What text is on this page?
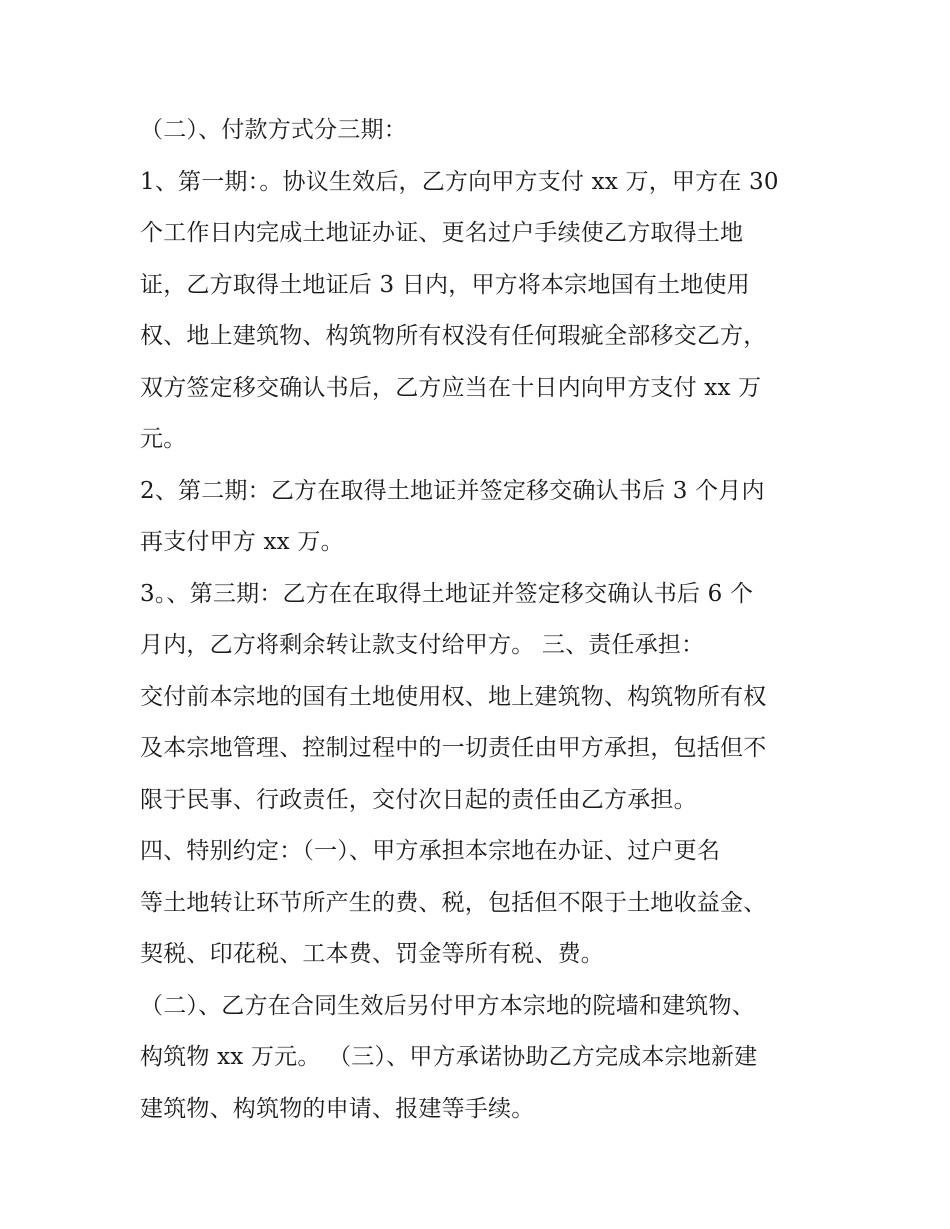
（二）、付款方式分三期：
1、第一期：。协议生效后，乙方向甲方支付 xx 万，甲方在 30
个工作日内完成土地证办证、更名过户手续使乙方取得土地
证，乙方取得土地证后 3 日内，甲方将本宗地国有土地使用
权、地上建筑物、构筑物所有权没有任何瑕疵全部移交乙方，
双方签定移交确认书后，乙方应当在十日内向甲方支付 xx 万
元。
2、第二期：乙方在取得土地证并签定移交确认书后 3 个月内
再支付甲方 xx 万。
3。、第三期：乙方在在取得土地证并签定移交确认书后 6 个
月内，乙方将剩余转让款支付给甲方。 三、责任承担：
交付前本宗地的国有土地使用权、地上建筑物、构筑物所有权
及本宗地管理、控制过程中的一切责任由甲方承担，包括但不
限于民事、行政责任，交付次日起的责任由乙方承担。
四、特别约定：（一）、甲方承担本宗地在办证、过户更名
等土地转让环节所产生的费、税，包括但不限于土地收益金、
契税、印花税、工本费、罚金等所有税、费。
（二）、乙方在合同生效后另付甲方本宗地的院墙和建筑物、
构筑物 xx 万元。 （三）、甲方承诺协助乙方完成本宗地新建
建筑物、构筑物的申请、报建等手续。
